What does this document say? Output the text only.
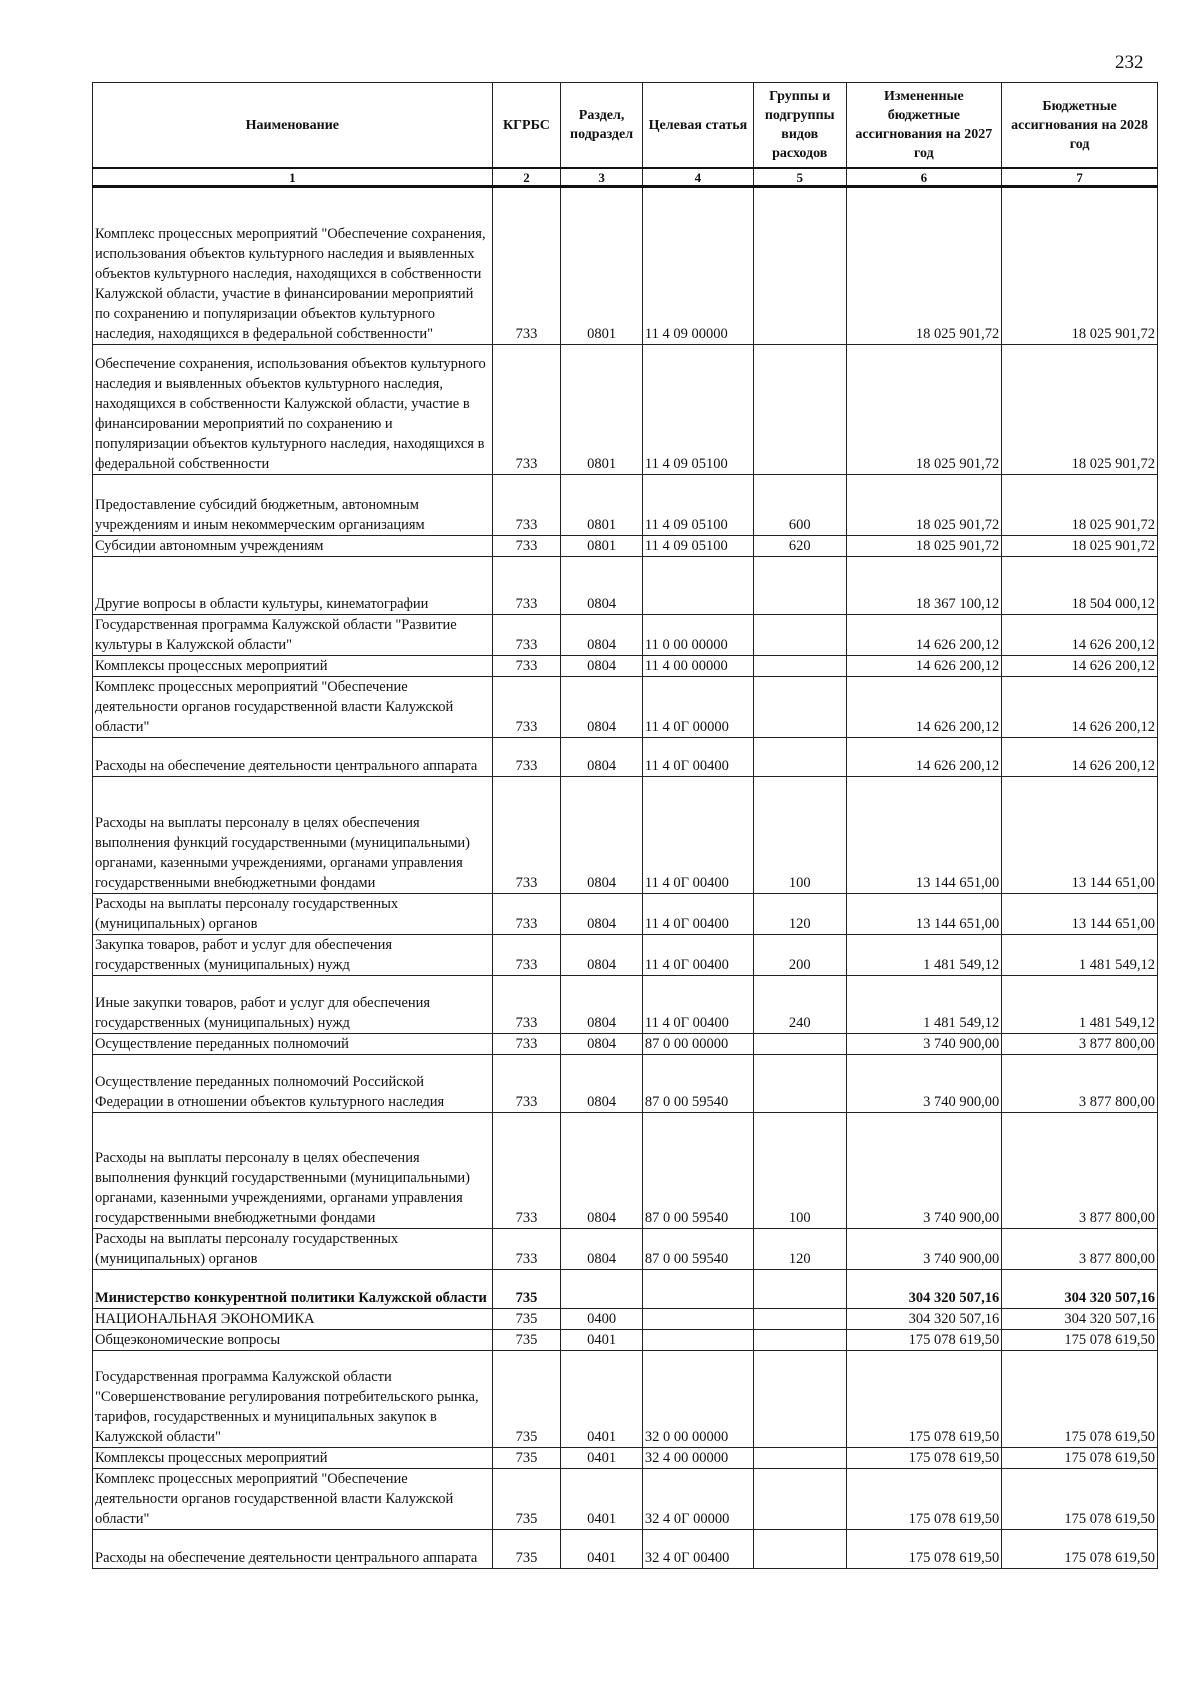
232
Наименование	КГРБС	Раздел, подраздел	Целевая статья	Группы и подгруппы видов расходов	Измененные бюджетные ассигнования на 2027 год	Бюджетные ассигнования на 2028 год
1	2	3	4	5	6	7
Комплекс процессных мероприятий "Обеспечение сохранения, использования объектов культурного наследия и выявленных объектов культурного наследия, находящихся в собственности Калужской области, участие в финансировании мероприятий по сохранению и популяризации объектов культурного наследия, находящихся в федеральной собственности"	733	0801	11 4 09 00000		18 025 901,72	18 025 901,72
Обеспечение сохранения, использования объектов культурного наследия и выявленных объектов культурного наследия, находящихся в собственности Калужской области, участие в финансировании мероприятий по сохранению и популяризации объектов культурного наследия, находящихся в федеральной собственности	733	0801	11 4 09 05100		18 025 901,72	18 025 901,72
Предоставление субсидий бюджетным, автономным учреждениям и иным некоммерческим организациям	733	0801	11 4 09 05100	600	18 025 901,72	18 025 901,72
Субсидии автономным учреждениям	733	0801	11 4 09 05100	620	18 025 901,72	18 025 901,72
Другие вопросы в области культуры, кинематографии	733	0804			18 367 100,12	18 504 000,12
Государственная программа Калужской области "Развитие культуры в Калужской области"	733	0804	11 0 00 00000		14 626 200,12	14 626 200,12
Комплексы процессных мероприятий	733	0804	11 4 00 00000		14 626 200,12	14 626 200,12
Комплекс процессных мероприятий "Обеспечение деятельности органов государственной власти Калужской области"	733	0804	11 4 0Г 00000		14 626 200,12	14 626 200,12
Расходы на обеспечение деятельности центрального аппарата	733	0804	11 4 0Г 00400		14 626 200,12	14 626 200,12
Расходы на выплаты персоналу в целях обеспечения выполнения функций государственными (муниципальными) органами, казенными учреждениями, органами управления государственными внебюджетными фондами	733	0804	11 4 0Г 00400	100	13 144 651,00	13 144 651,00
Расходы на выплаты персоналу государственных (муниципальных) органов	733	0804	11 4 0Г 00400	120	13 144 651,00	13 144 651,00
Закупка товаров, работ и услуг для обеспечения государственных (муниципальных) нужд	733	0804	11 4 0Г 00400	200	1 481 549,12	1 481 549,12
Иные закупки товаров, работ и услуг для обеспечения государственных (муниципальных) нужд	733	0804	11 4 0Г 00400	240	1 481 549,12	1 481 549,12
Осуществление переданных полномочий	733	0804	87 0 00 00000		3 740 900,00	3 877 800,00
Осуществление переданных полномочий Российской Федерации в отношении объектов культурного наследия	733	0804	87 0 00 59540		3 740 900,00	3 877 800,00
Расходы на выплаты персоналу в целях обеспечения выполнения функций государственными (муниципальными) органами, казенными учреждениями, органами управления государственными внебюджетными фондами	733	0804	87 0 00 59540	100	3 740 900,00	3 877 800,00
Расходы на выплаты персоналу государственных (муниципальных) органов	733	0804	87 0 00 59540	120	3 740 900,00	3 877 800,00
Министерство конкурентной политики Калужской области	735				304 320 507,16	304 320 507,16
НАЦИОНАЛЬНАЯ ЭКОНОМИКА	735	0400			304 320 507,16	304 320 507,16
Общеэкономические вопросы	735	0401			175 078 619,50	175 078 619,50
Государственная программа Калужской области "Совершенствование регулирования потребительского рынка, тарифов, государственных и муниципальных закупок в Калужской области"	735	0401	32 0 00 00000		175 078 619,50	175 078 619,50
Комплексы процессных мероприятий	735	0401	32 4 00 00000		175 078 619,50	175 078 619,50
Комплекс процессных мероприятий "Обеспечение деятельности органов государственной власти Калужской области"	735	0401	32 4 0Г 00000		175 078 619,50	175 078 619,50
Расходы на обеспечение деятельности центрального аппарата	735	0401	32 4 0Г 00400		175 078 619,50	175 078 619,50
